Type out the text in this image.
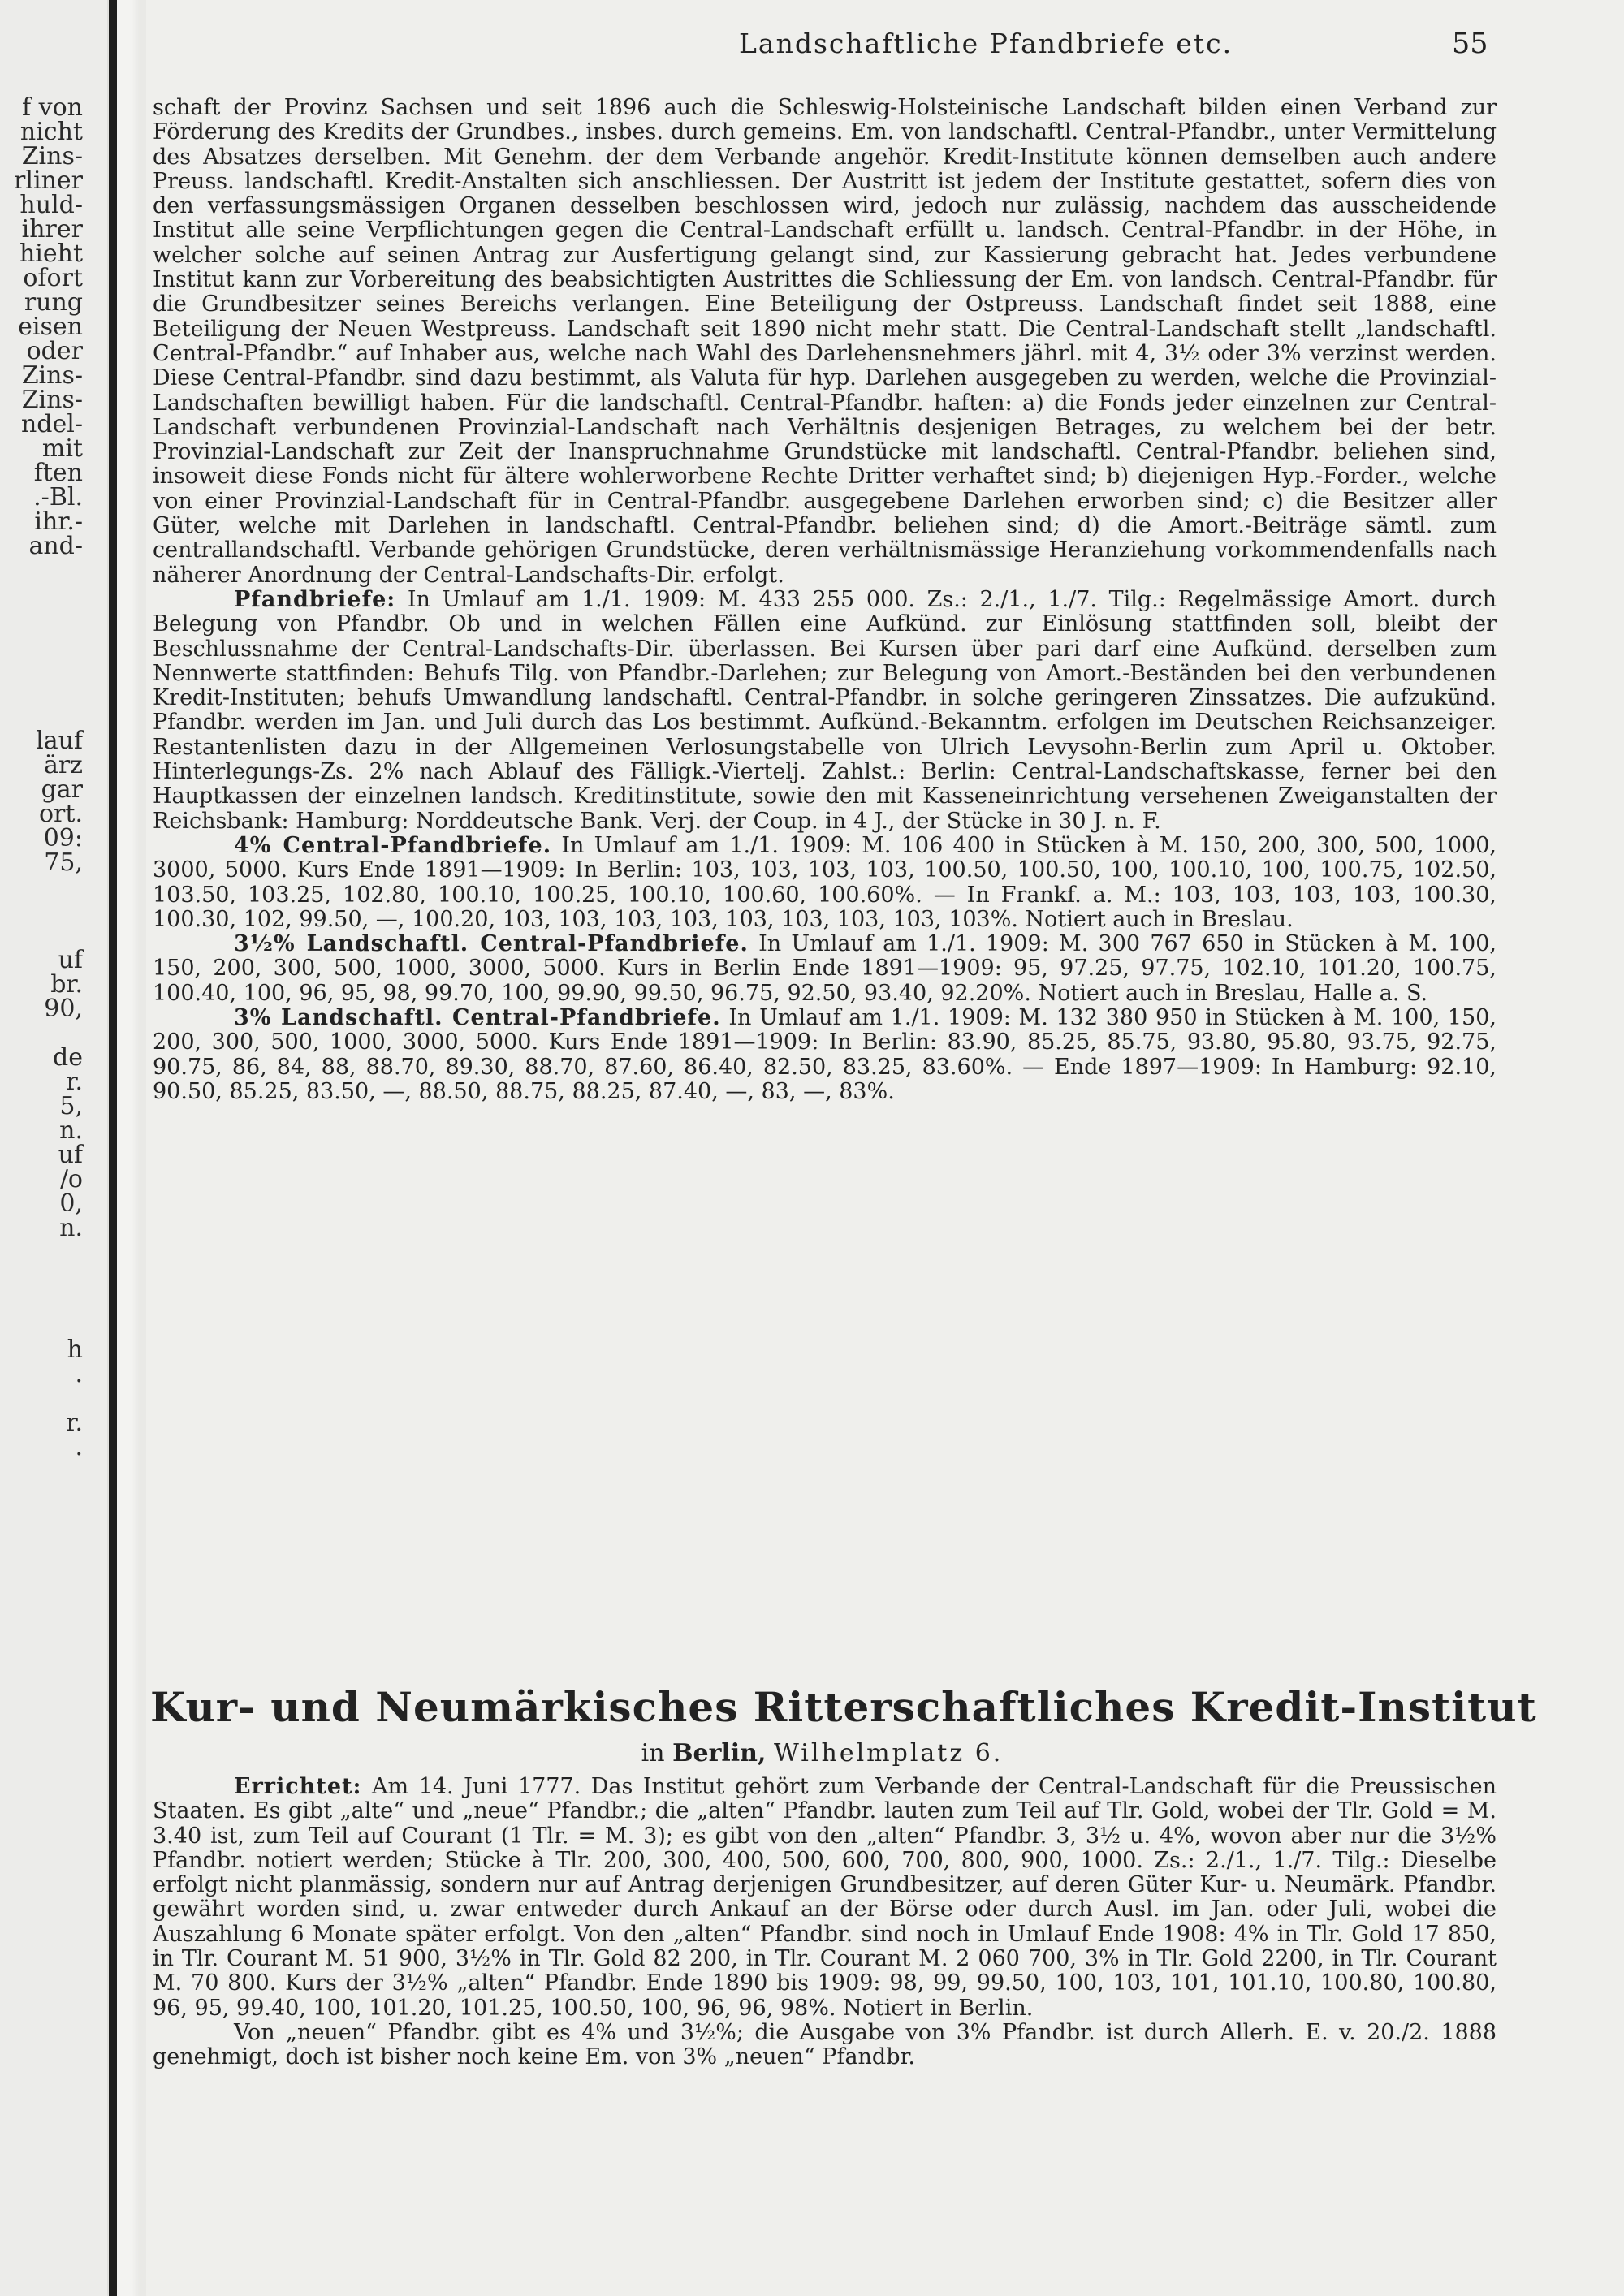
f von
nicht
Zins-
rliner
huld-
ihrer
hieht
ofort
rung
eisen
oder
Zins-
Zins-
ndel-
mit
ften
.-Bl.
ihr.-
and-
lauf
ärz
gar
ort.
09:
75,
uf
br.
90,
de
r.
5,
n.
uf
/o
0,
n.
h
.
r.
.
Landschaftliche Pfandbriefe etc.	55

schaft der Provinz Sachsen und seit 1896 auch die Schleswig-Holsteinische Landschaft bilden einen Verband zur Förderung des Kredits der Grundbes., insbes. durch gemeins. Em. von landschaftl. Central-Pfandbr., unter Vermittelung des Absatzes derselben. Mit Genehm. der dem Verbande angehör. Kredit-Institute können demselben auch andere Preuss. landschaftl. Kredit-Anstalten sich anschliessen. Der Austritt ist jedem der Institute gestattet, sofern dies von den verfassungsmässigen Organen desselben beschlossen wird, jedoch nur zulässig, nachdem das ausscheidende Institut alle seine Verpflichtungen gegen die Central-Landschaft erfüllt u. landsch. Central-Pfandbr. in der Höhe, in welcher solche auf seinen Antrag zur Ausfertigung gelangt sind, zur Kassierung gebracht hat. Jedes verbundene Institut kann zur Vorbereitung des beabsichtigten Austrittes die Schliessung der Em. von landsch. Central-Pfandbr. für die Grundbesitzer seines Bereichs verlangen. Eine Beteiligung der Ostpreuss. Landschaft findet seit 1888, eine Beteiligung der Neuen Westpreuss. Landschaft seit 1890 nicht mehr statt. Die Central-Landschaft stellt „landschaftl. Central-Pfandbr.“ auf Inhaber aus, welche nach Wahl des Darlehensnehmers jährl. mit 4, 3½ oder 3% verzinst werden. Diese Central-Pfandbr. sind dazu bestimmt, als Valuta für hyp. Darlehen ausgegeben zu werden, welche die Provinzial-Landschaften bewilligt haben. Für die landschaftl. Central-Pfandbr. haften: a) die Fonds jeder einzelnen zur Central-Landschaft verbundenen Provinzial-Landschaft nach Verhältnis desjenigen Betrages, zu welchem bei der betr. Provinzial-Landschaft zur Zeit der Inanspruchnahme Grundstücke mit landschaftl. Central-Pfandbr. beliehen sind, insoweit diese Fonds nicht für ältere wohlerworbene Rechte Dritter verhaftet sind; b) diejenigen Hyp.-Forder., welche von einer Provinzial-Landschaft für in Central-Pfandbr. ausgegebene Darlehen erworben sind; c) die Besitzer aller Güter, welche mit Darlehen in landschaftl. Central-Pfandbr. beliehen sind; d) die Amort.-Beiträge sämtl. zum centrallandschaftl. Verbande gehörigen Grundstücke, deren verhältnismässige Heranziehung vorkommendenfalls nach näherer Anordnung der Central-Landschafts-Dir. erfolgt.

Pfandbriefe: In Umlauf am 1./1. 1909: M. 433 255 000. Zs.: 2./1., 1./7. Tilg.: Regelmässige Amort. durch Belegung von Pfandbr. Ob und in welchen Fällen eine Aufkünd. zur Einlösung stattfinden soll, bleibt der Beschlussnahme der Central-Landschafts-Dir. überlassen. Bei Kursen über pari darf eine Aufkünd. derselben zum Nennwerte stattfinden: Behufs Tilg. von Pfandbr.-Darlehen; zur Belegung von Amort.-Beständen bei den verbundenen Kredit-Instituten; behufs Umwandlung landschaftl. Central-Pfandbr. in solche geringeren Zinssatzes. Die aufzukünd. Pfandbr. werden im Jan. und Juli durch das Los bestimmt. Aufkünd.-Bekanntm. erfolgen im Deutschen Reichsanzeiger. Restantenlisten dazu in der Allgemeinen Verlosungstabelle von Ulrich Levysohn-Berlin zum April u. Oktober. Hinterlegungs-Zs. 2% nach Ablauf des Fälligk.-Viertelj. Zahlst.: Berlin: Central-Landschaftskasse, ferner bei den Hauptkassen der einzelnen landsch. Kreditinstitute, sowie den mit Kasseneinrichtung versehenen Zweiganstalten der Reichsbank: Hamburg: Norddeutsche Bank. Verj. der Coup. in 4 J., der Stücke in 30 J. n. F.

4% Central-Pfandbriefe. In Umlauf am 1./1. 1909: M. 106 400 in Stücken à M. 150, 200, 300, 500, 1000, 3000, 5000. Kurs Ende 1891—1909: In Berlin: 103, 103, 103, 103, 100.50, 100.50, 100, 100.10, 100, 100.75, 102.50, 103.50, 103.25, 102.80, 100.10, 100.25, 100.10, 100.60, 100.60%. — In Frankf. a. M.: 103, 103, 103, 103, 100.30, 100.30, 102, 99.50, —, 100.20, 103, 103, 103, 103, 103, 103, 103, 103, 103%. Notiert auch in Breslau.

3½% Landschaftl. Central-Pfandbriefe. In Umlauf am 1./1. 1909: M. 300 767 650 in Stücken à M. 100, 150, 200, 300, 500, 1000, 3000, 5000. Kurs in Berlin Ende 1891—1909: 95, 97.25, 97.75, 102.10, 101.20, 100.75, 100.40, 100, 96, 95, 98, 99.70, 100, 99.90, 99.50, 96.75, 92.50, 93.40, 92.20%. Notiert auch in Breslau, Halle a. S.

3% Landschaftl. Central-Pfandbriefe. In Umlauf am 1./1. 1909: M. 132 380 950 in Stücken à M. 100, 150, 200, 300, 500, 1000, 3000, 5000. Kurs Ende 1891—1909: In Berlin: 83.90, 85.25, 85.75, 93.80, 95.80, 93.75, 92.75, 90.75, 86, 84, 88, 88.70, 89.30, 88.70, 87.60, 86.40, 82.50, 83.25, 83.60%. — Ende 1897—1909: In Hamburg: 92.10, 90.50, 85.25, 83.50, —, 88.50, 88.75, 88.25, 87.40, —, 83, —, 83%.

Kur- und Neumärkisches Ritterschaftliches Kredit-Institut
in Berlin, Wilhelmplatz 6.

Errichtet: Am 14. Juni 1777. Das Institut gehört zum Verbande der Central-Landschaft für die Preussischen Staaten. Es gibt „alte“ und „neue“ Pfandbr.; die „alten“ Pfandbr. lauten zum Teil auf Tlr. Gold, wobei der Tlr. Gold = M. 3.40 ist, zum Teil auf Courant (1 Tlr. = M. 3); es gibt von den „alten“ Pfandbr. 3, 3½ u. 4%, wovon aber nur die 3½% Pfandbr. notiert werden; Stücke à Tlr. 200, 300, 400, 500, 600, 700, 800, 900, 1000. Zs.: 2./1., 1./7. Tilg.: Dieselbe erfolgt nicht planmässig, sondern nur auf Antrag derjenigen Grundbesitzer, auf deren Güter Kur- u. Neumärk. Pfandbr. gewährt worden sind, u. zwar entweder durch Ankauf an der Börse oder durch Ausl. im Jan. oder Juli, wobei die Auszahlung 6 Monate später erfolgt. Von den „alten“ Pfandbr. sind noch in Umlauf Ende 1908: 4% in Tlr. Gold 17 850, in Tlr. Courant M. 51 900, 3½% in Tlr. Gold 82 200, in Tlr. Courant M. 2 060 700, 3% in Tlr. Gold 2200, in Tlr. Courant M. 70 800. Kurs der 3½% „alten“ Pfandbr. Ende 1890 bis 1909: 98, 99, 99.50, 100, 103, 101, 101.10, 100.80, 100.80, 96, 95, 99.40, 100, 101.20, 101.25, 100.50, 100, 96, 96, 98%. Notiert in Berlin.

Von „neuen“ Pfandbr. gibt es 4% und 3½%; die Ausgabe von 3% Pfandbr. ist durch Allerh. E. v. 20./2. 1888 genehmigt, doch ist bisher noch keine Em. von 3% „neuen“ Pfandbr.
